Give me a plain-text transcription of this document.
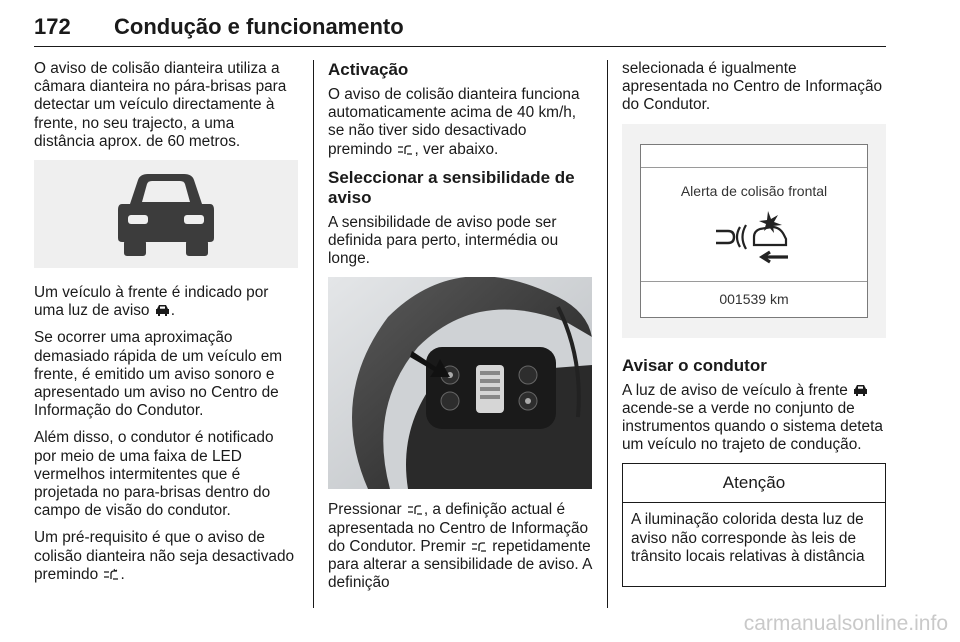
172 Condução e funcionamento

O aviso de colisão dianteira utiliza a câmara dianteira no pára-brisas para detectar um veículo directamente à frente, no seu trajecto, a uma distância aprox. de 60 metros.

Um veículo à frente é indicado por uma luz de aviso .

Se ocorrer uma aproximação demasiado rápida de um veículo em frente, é emitido um aviso sonoro e apresentado um aviso no Centro de Informação do Condutor.

Além disso, o condutor é notificado por meio de uma faixa de LED vermelhos intermitentes que é projetada no para-brisas dentro do campo de visão do condutor.

Um pré-requisito é que o aviso de colisão dianteira não seja desactivado premindo .

Activação

O aviso de colisão dianteira funciona automaticamente acima de 40 km/h, se não tiver sido desactivado premindo , ver abaixo.

Seleccionar a sensibilidade de aviso

A sensibilidade de aviso pode ser definida para perto, intermédia ou longe.

Pressionar , a definição actual é apresentada no Centro de Informação do Condutor. Premir  repetidamente para alterar a sensibilidade de aviso. A definição

selecionada é igualmente apresentada no Centro de Informação do Condutor.

Alerta de colisão frontal
001539 km
Avisar o condutor

A luz de aviso de veículo à frente  acende-se a verde no conjunto de instrumentos quando o sistema deteta um veículo no trajeto de condução.

Atenção
A iluminação colorida desta luz de aviso não corresponde às leis de trânsito locais relativas à distância
carmanualsonline.info
